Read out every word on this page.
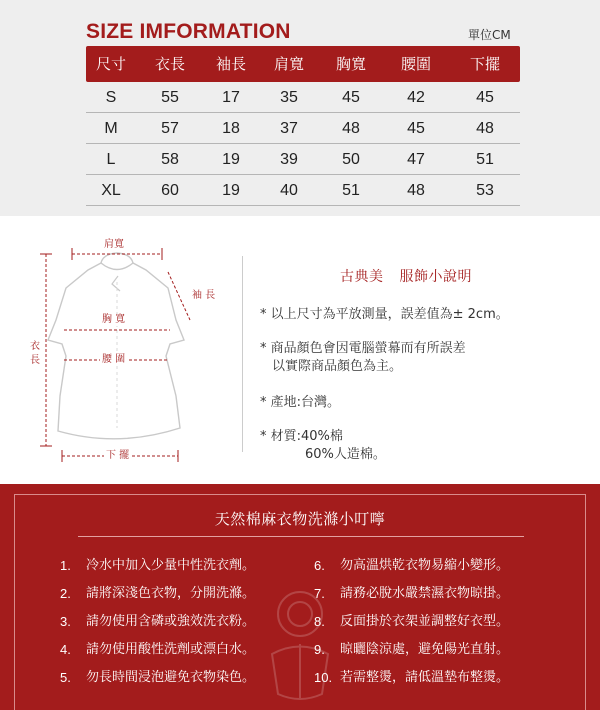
SIZE IMFORMATION	單位CM
尺寸	衣長	袖長	肩寬	胸寬	腰圍	下擺
S	55	17	35	45	42	45
M	57	18	37	48	45	48
L	58	19	39	50	47	51
XL	60	19	40	51	48	53
肩寬
袖 長
胸 寬
衣 長	腰 圍
下 擺
古典美 服飾小說明
* 以上尺寸為平放測量，誤差值為± 2cm。
* 商品顏色會因電腦螢幕而有所誤差
以實際商品顏色為主。
* 產地:台灣。
* 材質:40%棉
60%人造棉。
天然棉麻衣物洗滌小叮嚀
1.	冷水中加入少量中性洗衣劑。
2.	請將深淺色衣物，分開洗滌。
3.	請勿使用含磷或強效洗衣粉。
4.	請勿使用酸性洗劑或漂白水。
5.	勿長時間浸泡避免衣物染色。
6.	勿高溫烘乾衣物易縮小變形。
7.	請務必脫水嚴禁濕衣物晾掛。
8.	反面掛於衣架並調整好衣型。
9.	晾曬陰涼處，避免陽光直射。
10. 若需整燙，請低溫墊布整燙。
